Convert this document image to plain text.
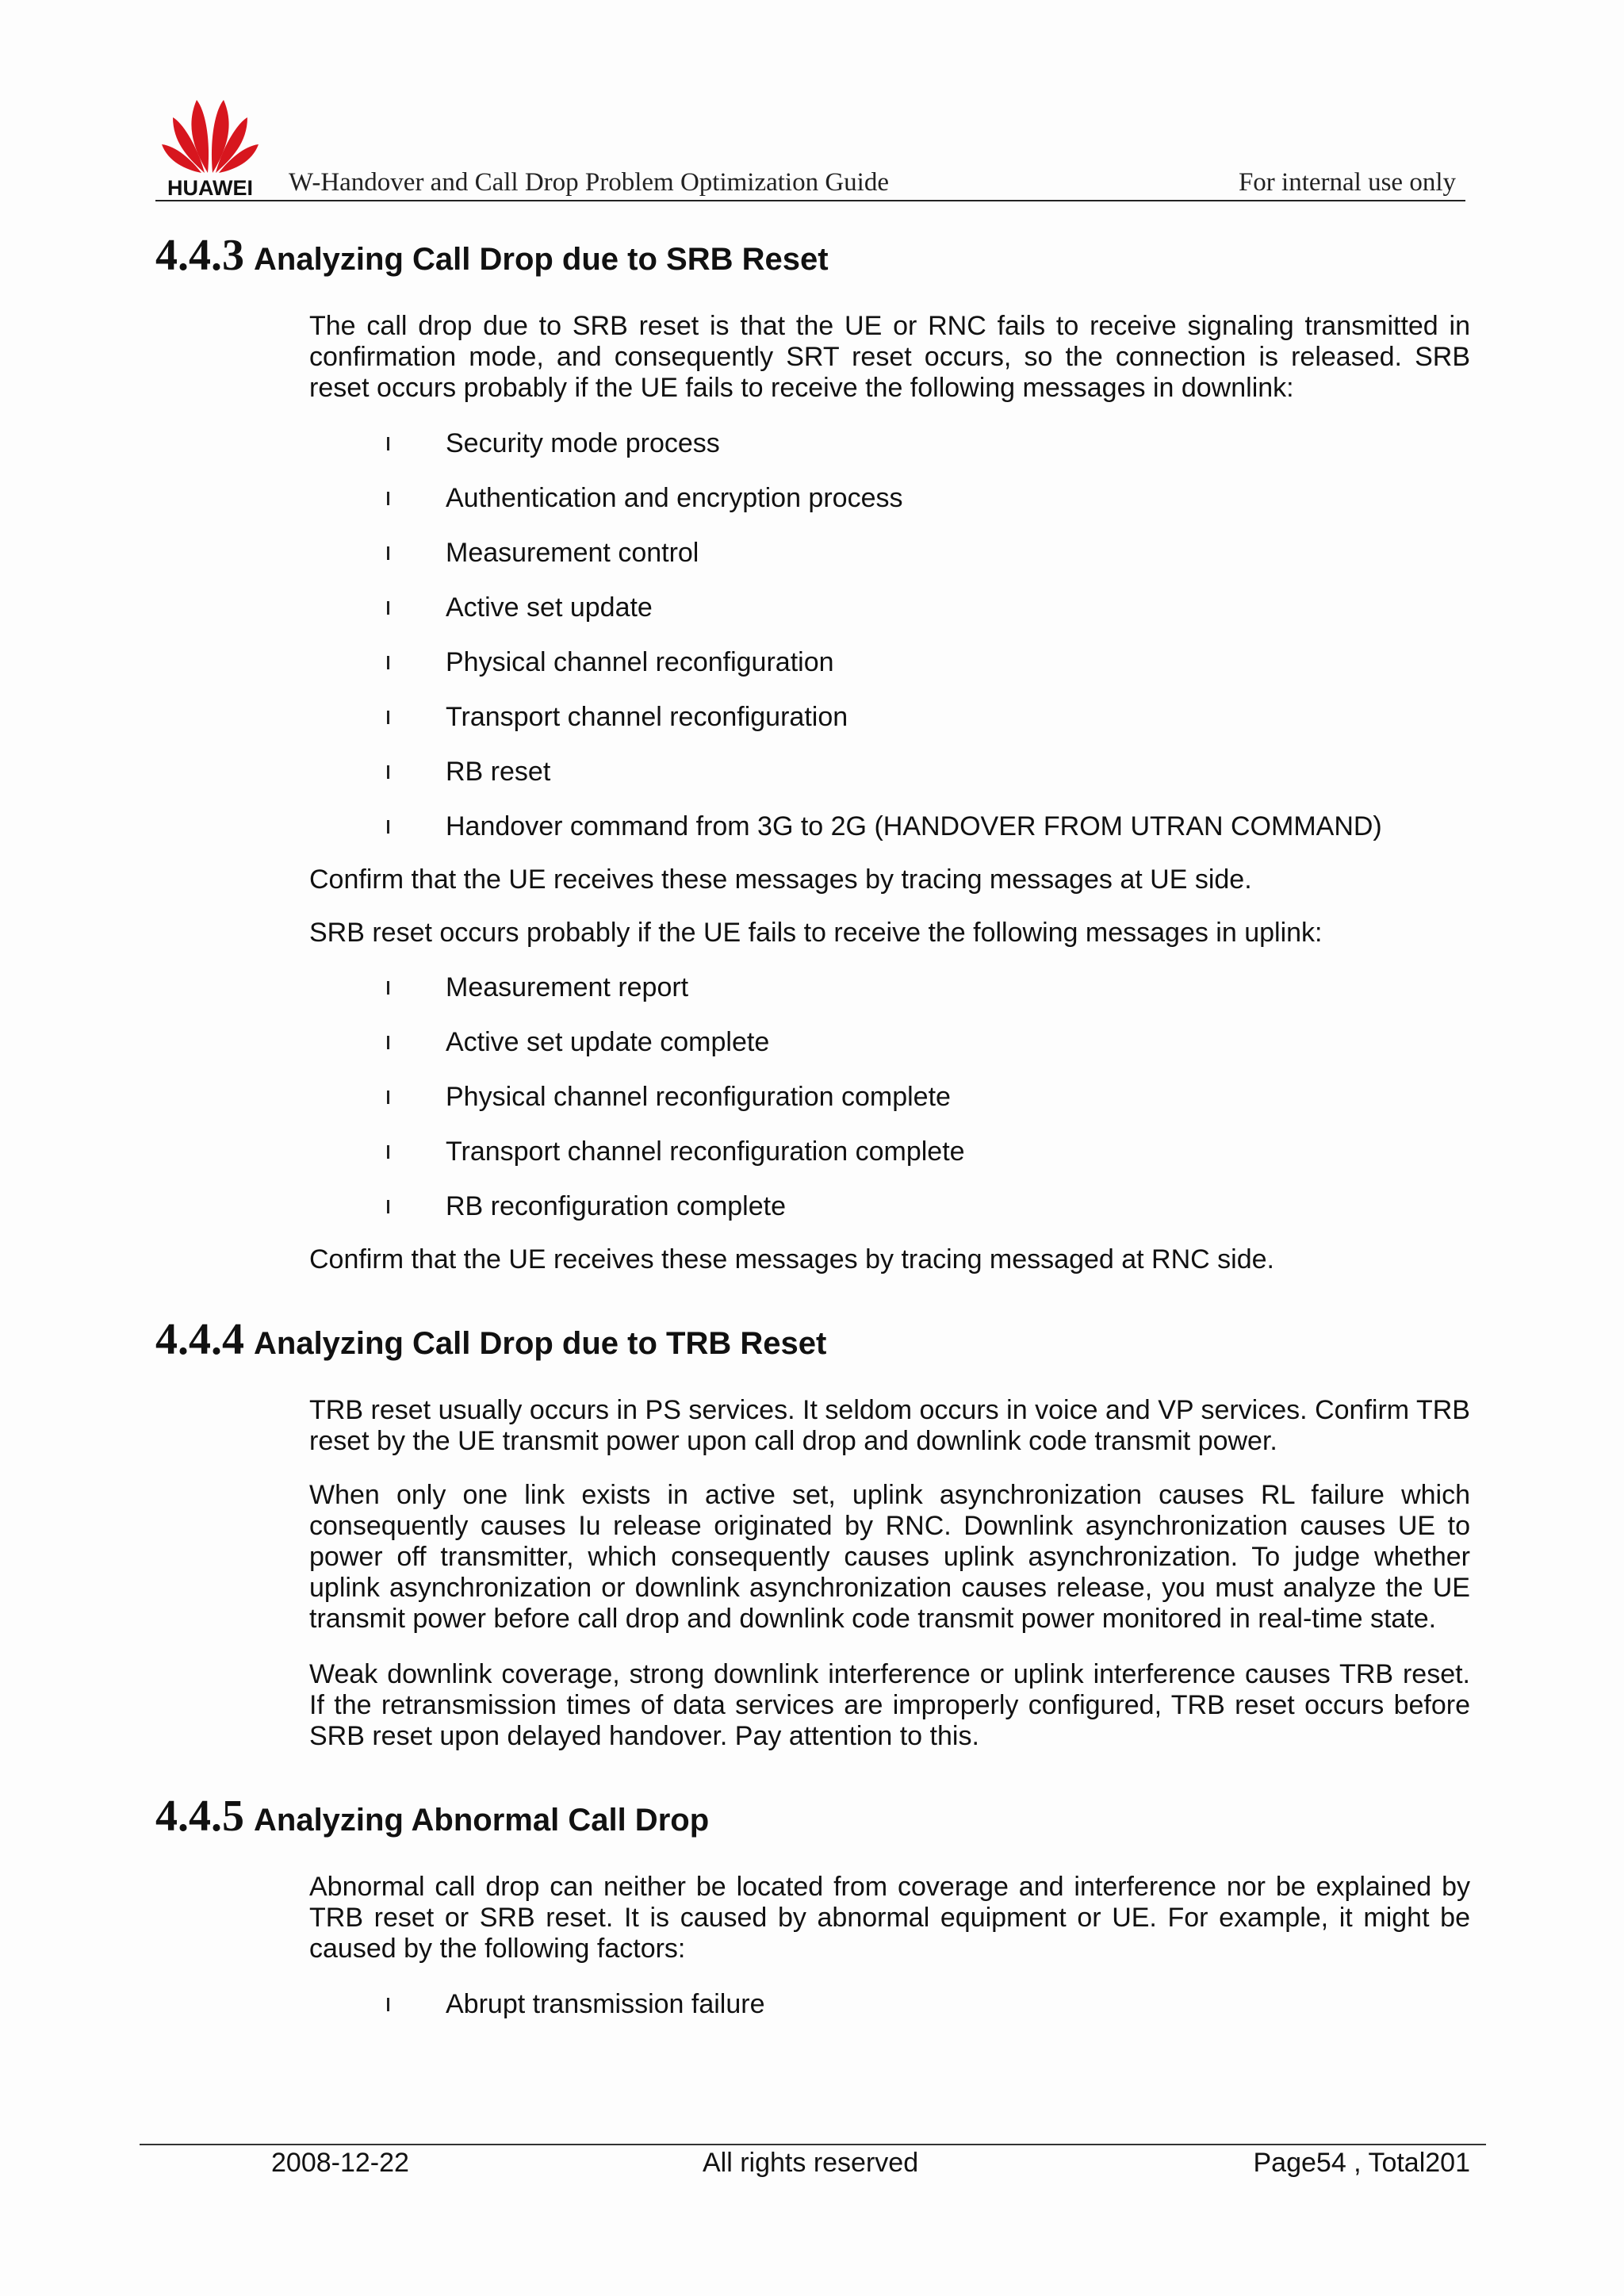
HUAWEI	W-Handover and Call Drop Problem Optimization Guide	For internal use only
4.4.3 Analyzing Call Drop due to SRB Reset
The call drop due to SRB reset is that the UE or RNC fails to receive signaling transmitted in confirmation mode, and consequently SRT reset occurs, so the connection is released. SRB reset occurs probably if the UE fails to receive the following messages in downlink:
Security mode process
Authentication and encryption process
Measurement control
Active set update
Physical channel reconfiguration
Transport channel reconfiguration
RB reset
Handover command from 3G to 2G (HANDOVER FROM UTRAN COMMAND)
Confirm that the UE receives these messages by tracing messages at UE side.
SRB reset occurs probably if the UE fails to receive the following messages in uplink:
Measurement report
Active set update complete
Physical channel reconfiguration complete
Transport channel reconfiguration complete
RB reconfiguration complete
Confirm that the UE receives these messages by tracing messaged at RNC side.
4.4.4 Analyzing Call Drop due to TRB Reset
TRB reset usually occurs in PS services. It seldom occurs in voice and VP services. Confirm TRB reset by the UE transmit power upon call drop and downlink code transmit power.
When only one link exists in active set, uplink asynchronization causes RL failure which consequently causes Iu release originated by RNC. Downlink asynchronization causes UE to power off transmitter, which consequently causes uplink asynchronization. To judge whether uplink asynchronization or downlink asynchronization causes release, you must analyze the UE transmit power before call drop and downlink code transmit power monitored in real-time state.
Weak downlink coverage, strong downlink interference or uplink interference causes TRB reset. If the retransmission times of data services are improperly configured, TRB reset occurs before SRB reset upon delayed handover. Pay attention to this.
4.4.5 Analyzing Abnormal Call Drop
Abnormal call drop can neither be located from coverage and interference nor be explained by TRB reset or SRB reset. It is caused by abnormal equipment or UE. For example, it might be caused by the following factors:
Abrupt transmission failure
2008-12-22	All rights reserved	Page54 , Total201
